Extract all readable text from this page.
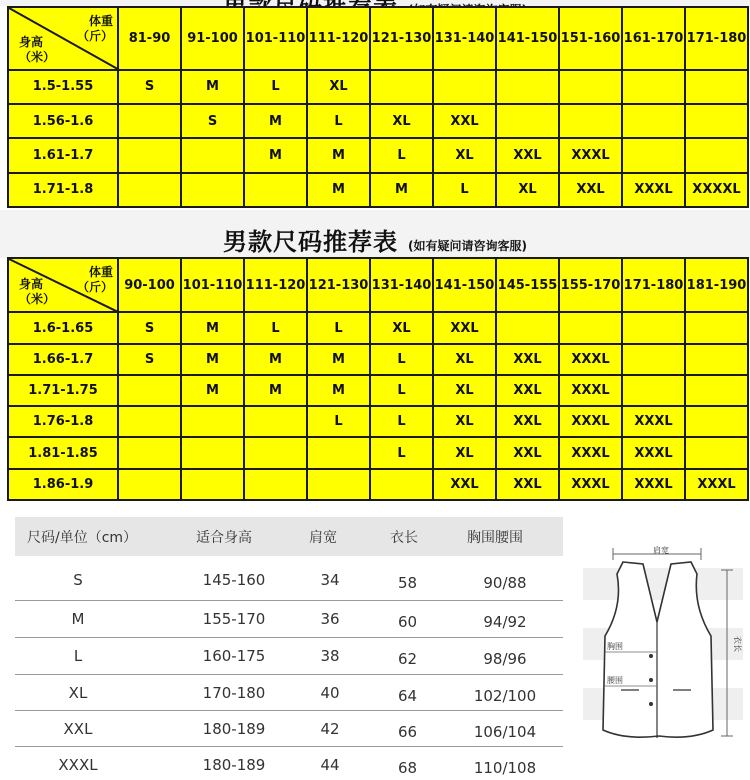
体重
（斤）
身高
（米）	81-90	91-100	101-110	111-120	121-130	131-140	141-150	151-160	161-170	171-180
1.5-1.55	S	M	L	XL						
1.56-1.6		S	M	L	XL	XXL				
1.61-1.7			M	M	L	XL	XXL	XXXL		
1.71-1.8				M	M	L	XL	XXL	XXXL	XXXXL
男款尺码推荐表 (如有疑问请咨询客服)
体重
（斤）
身高
（米）	90-100	101-110	111-120	121-130	131-140	141-150	145-155	155-170	171-180	181-190
1.6-1.65	S	M	L	L	XL	XXL				
1.66-1.7	S	M	M	M	L	XL	XXL	XXXL		
1.71-1.75		M	M	M	L	XL	XXL	XXXL		
1.76-1.8				L	L	XL	XXL	XXXL	XXXL	
1.81-1.85					L	XL	XXL	XXXL	XXXL	
1.86-1.9						XXL	XXL	XXXL	XXXL	XXXL
尺码/单位（cm）	适合身高	肩宽	衣长	胸围腰围
S	145-160	34	58	90/88
M	155-170	36	60	94/92
L	160-175	38	62	98/96
XL	170-180	40	64	102/100
XXL	180-189	42	66	106/104
XXXL	180-189	44	68	110/108
肩宽
胸围
腰围
衣长
